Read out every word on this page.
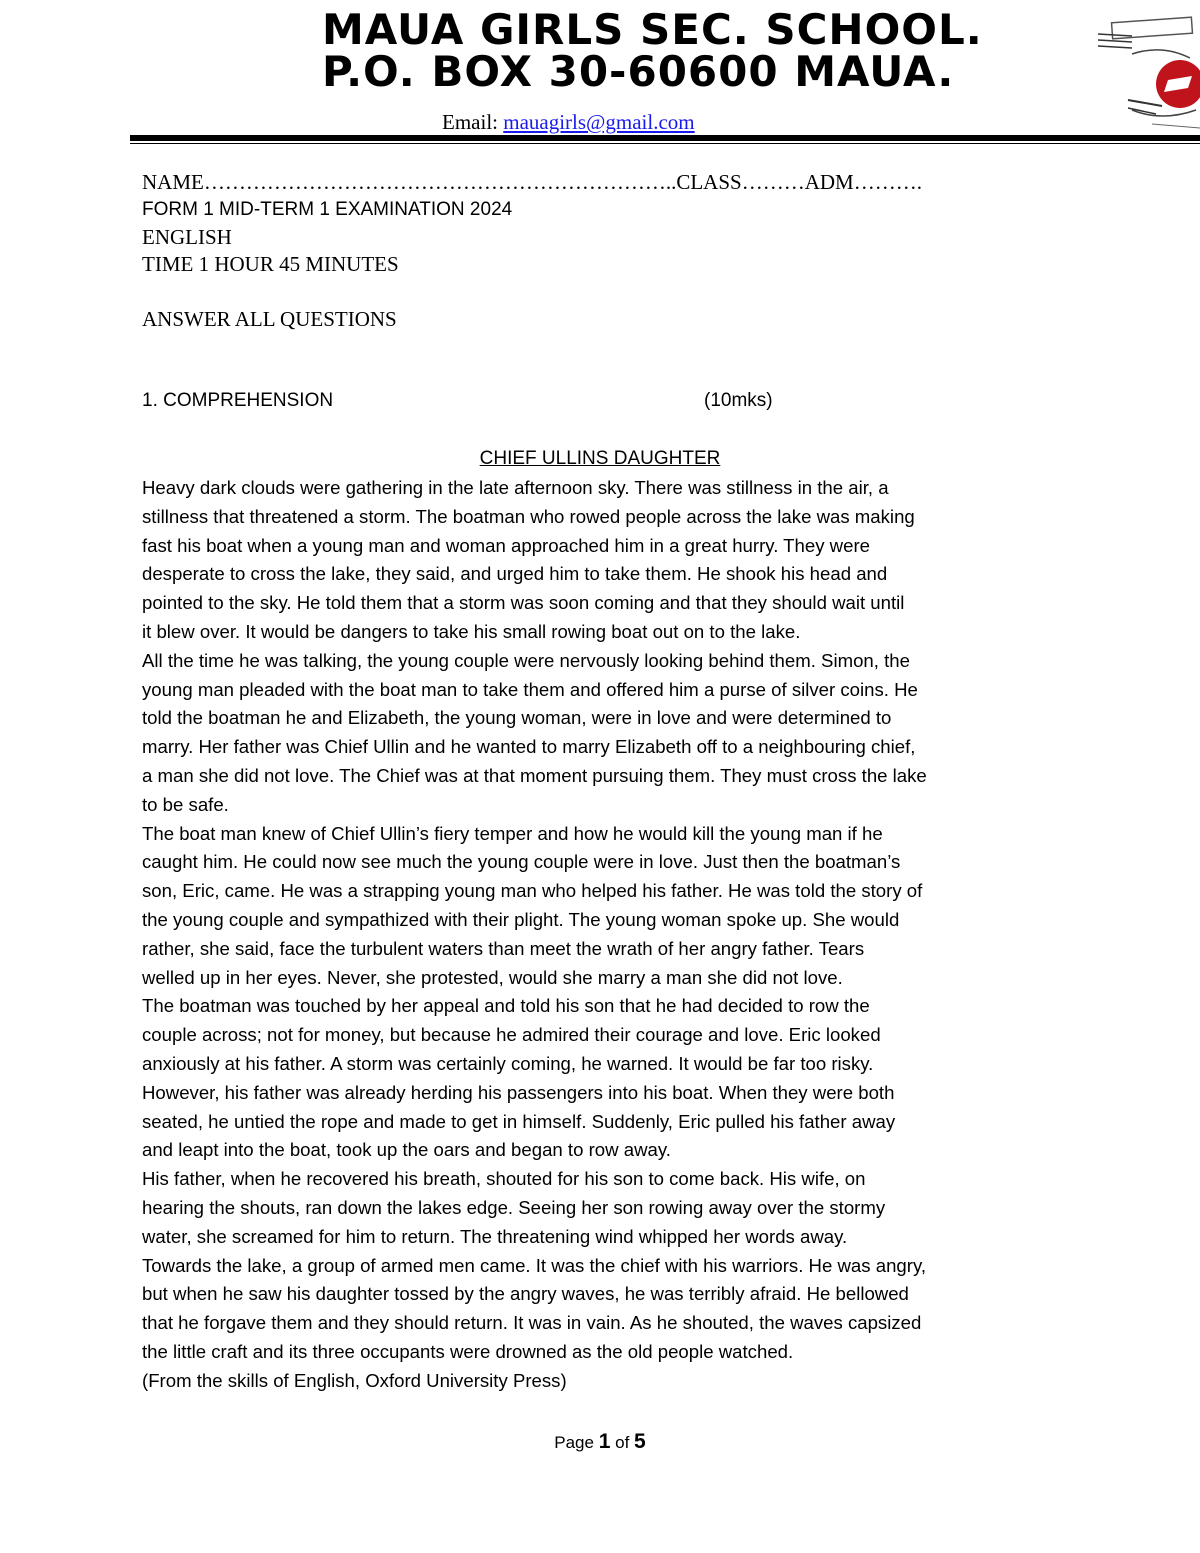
MAUA GIRLS SEC. SCHOOL.
P.O. BOX 30-60600 MAUA.
Email: mauagirls@gmail.com
NAME…………………………………………………………..CLASS………ADM……….
FORM 1 MID-TERM 1 EXAMINATION 2024
ENGLISH
TIME 1 HOUR 45 MINUTES
ANSWER ALL QUESTIONS
1. COMPREHENSION	(10mks)
CHIEF ULLINS DAUGHTER

Heavy dark clouds were gathering in the late afternoon sky. There was stillness in the air, a

stillness that threatened a storm. The boatman who rowed people across the lake was making

fast his boat when a young man and woman approached him in a great hurry. They were

desperate to cross the lake, they said, and urged him to take them. He shook his head and

pointed to the sky. He told them that a storm was soon coming and that they should wait until

it blew over. It would be dangers to take his small rowing boat out on to the lake.

All the time he was talking, the young couple were nervously looking behind them. Simon, the

young man pleaded with the boat man to take them and offered him a purse of silver coins. He

told the boatman he and Elizabeth, the young woman, were in love and were determined to

marry. Her father was Chief Ullin and he wanted to marry Elizabeth off to a neighbouring chief,

a man she did not love. The Chief was at that moment pursuing them. They must cross the lake

to be safe.

The boat man knew of Chief Ullin’s fiery temper and how he would kill the young man if he

caught him. He could now see much the young couple were in love. Just then the boatman’s

son, Eric, came. He was a strapping young man who helped his father. He was told the story of

the young couple and sympathized with their plight. The young woman spoke up. She would

rather, she said, face the turbulent waters than meet the wrath of her angry father. Tears

welled up in her eyes. Never, she protested, would she marry a man she did not love.

The boatman was touched by her appeal and told his son that he had decided to row the

couple across; not for money, but because he admired their courage and love. Eric looked

anxiously at his father. A storm was certainly coming, he warned. It would be far too risky.

However, his father was already herding his passengers into his boat. When they were both

seated, he untied the rope and made to get in himself. Suddenly, Eric pulled his father away

and leapt into the boat, took up the oars and began to row away.

His father, when he recovered his breath, shouted for his son to come back. His wife, on

hearing the shouts, ran down the lakes edge. Seeing her son rowing away over the stormy

water, she screamed for him to return. The threatening wind whipped her words away.

Towards the lake, a group of armed men came. It was the chief with his warriors. He was angry,

but when he saw his daughter tossed by the angry waves, he was terribly afraid. He bellowed

that he forgave them and they should return. It was in vain. As he shouted, the waves capsized

the little craft and its three occupants were drowned as the old people watched.

(From the skills of English, Oxford University Press)

Page 1 of 5
